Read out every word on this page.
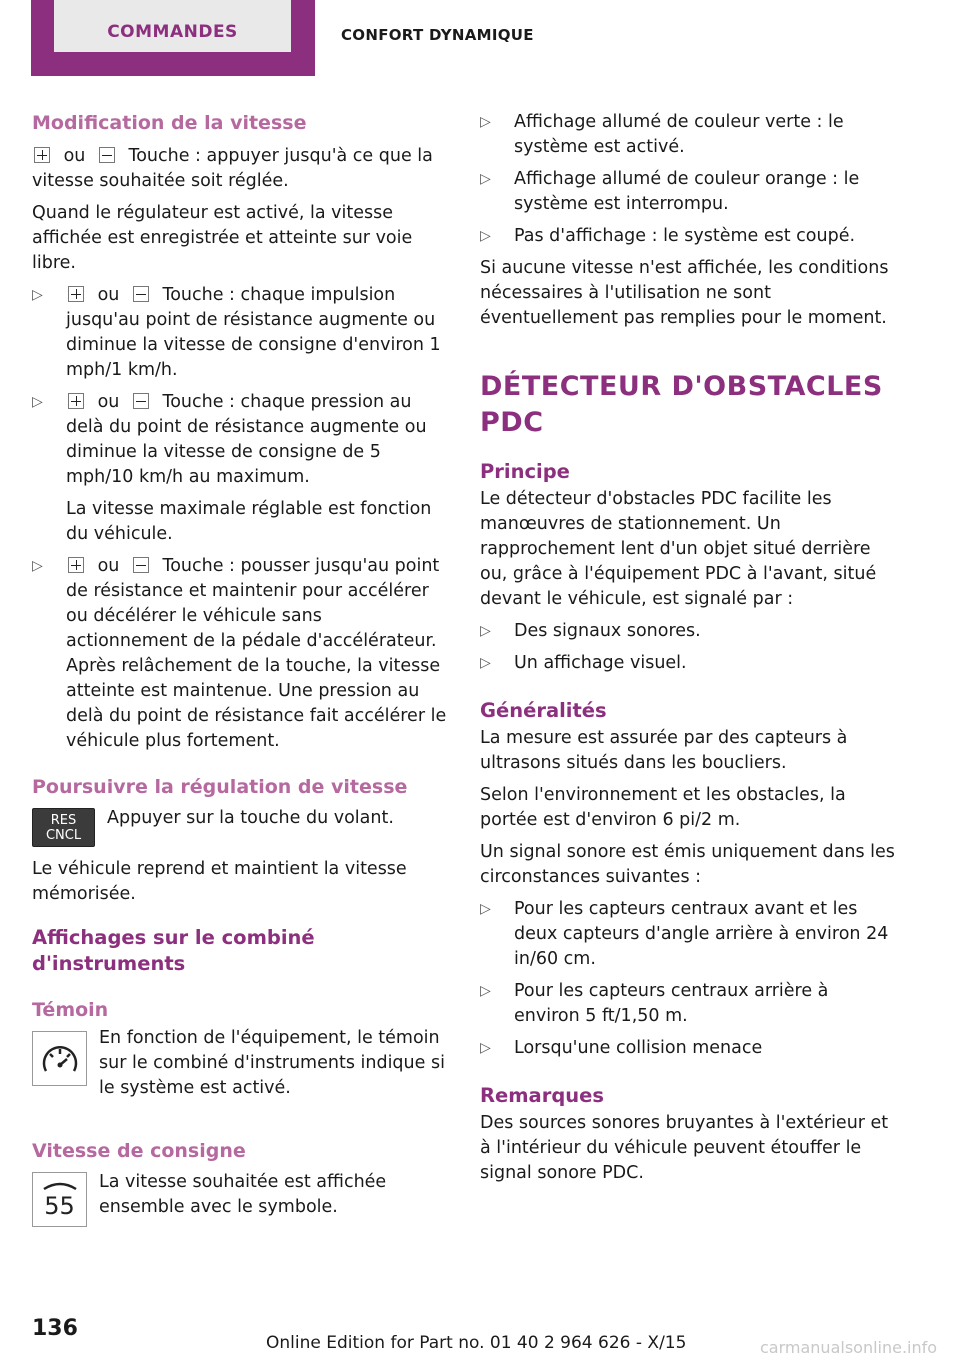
COMMANDES	CONFORT DYNAMIQUE
Modification de la vitesse

ou  Touche : appuyer jusqu'à ce que la vitesse souhaitée soit réglée.

Quand le régulateur est activé, la vitesse affichée est enregistrée et atteinte sur voie libre.

▷	ou  Touche : chaque impulsion jusqu'au point de résistance augmente ou diminue la vitesse de consigne d'environ 1 mph/1 km/h.
▷	ou  Touche : chaque pression au delà du point de résistance augmente ou diminue la vitesse de consigne de 5 mph/10 km/h au maximum.
La vitesse maximale réglable est fonction du véhicule.
▷	ou  Touche : pousser jusqu'au point de résistance et maintenir pour accélérer ou décélérer le véhicule sans actionnement de la pédale d'accélérateur. Après relâchement de la touche, la vitesse atteinte est maintenue. Une pression au delà du point de résistance fait accélérer le véhicule plus fortement.
Poursuivre la régulation de vitesse
RES
CNCL
Appuyer sur la touche du volant.

Le véhicule reprend et maintient la vitesse mémorisée.

Affichages sur le combiné d'instruments
Témoin
En fonction de l'équipement, le témoin sur le combiné d'instruments indique si le système est activé.
Vitesse de consigne
55
La vitesse souhaitée est affichée ensemble avec le symbole.
▷ Affichage allumé de couleur verte : le système est activé.
▷ Affichage allumé de couleur orange : le système est interrompu.
▷ Pas d'affichage : le système est coupé.

Si aucune vitesse n'est affichée, les conditions nécessaires à l'utilisation ne sont éventuellement pas remplies pour le moment.

DÉTECTEUR D'OBSTACLES PDC
Principe

Le détecteur d'obstacles PDC facilite les manœuvres de stationnement. Un rapprochement lent d'un objet situé derrière ou, grâce à l'équipement PDC à l'avant, situé devant le véhicule, est signalé par :

▷ Des signaux sonores.
▷ Un affichage visuel.
Généralités

La mesure est assurée par des capteurs à ultrasons situés dans les boucliers.

Selon l'environnement et les obstacles, la portée est d'environ 6 pi/2 m.

Un signal sonore est émis uniquement dans les circonstances suivantes :

▷ Pour les capteurs centraux avant et les deux capteurs d'angle arrière à environ 24 in/60 cm.
▷ Pour les capteurs centraux arrière à environ 5 ft/1,50 m.
▷ Lorsqu'une collision menace
Remarques

Des sources sonores bruyantes à l'extérieur et à l'intérieur du véhicule peuvent étouffer le signal sonore PDC.

136
Online Edition for Part no. 01 40 2 964 626 - X/15	carmanualsonline.info
